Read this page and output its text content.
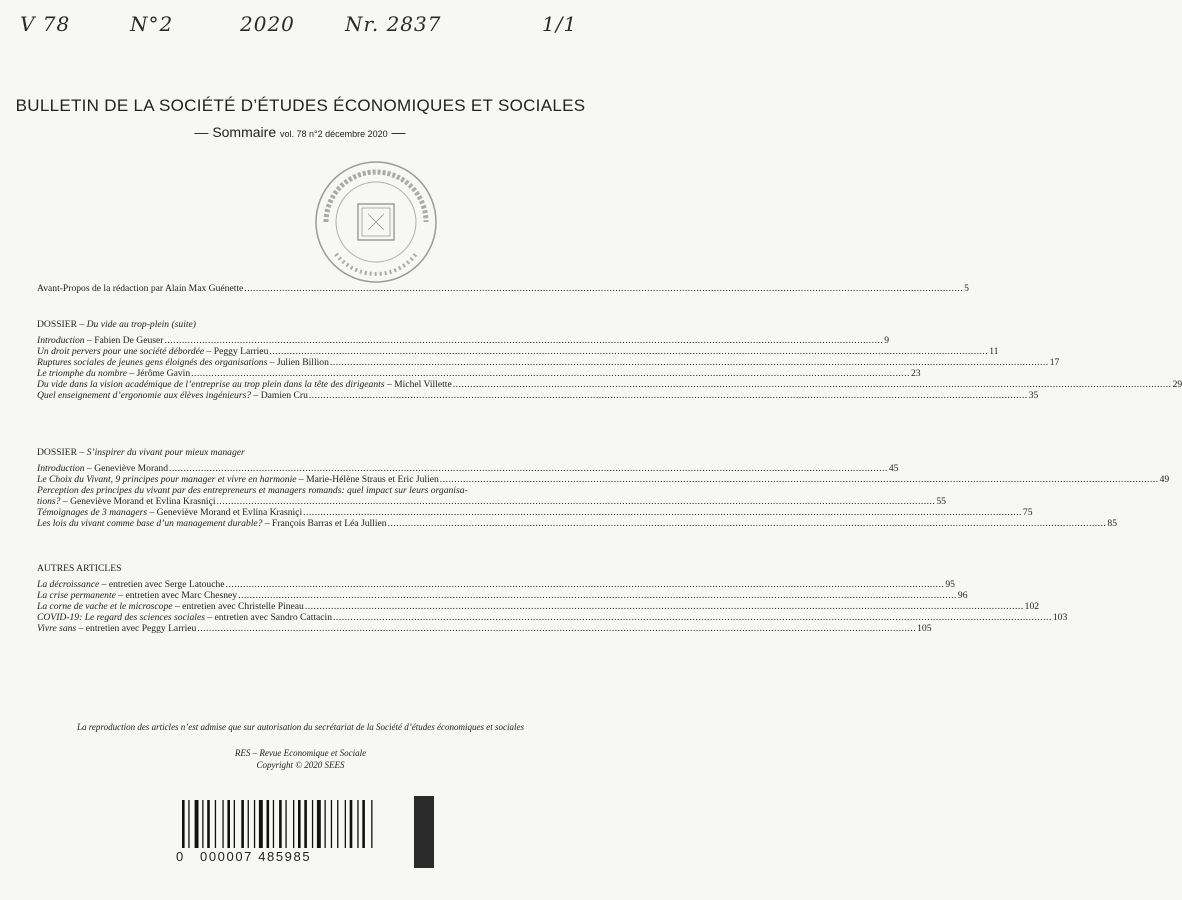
V 78	N°2	2020	Nr. 2837	1/1
BULLETIN DE LA SOCIÉTÉ D’ÉTUDES ÉCONOMIQUES ET SOCIALES
— Sommaire vol. 78 n°2 décembre 2020 —
Avant-Propos de la rédaction par Alain Max Guénette .....	5
DOSSIER – Du vide au trop-plein (suite)
Introduction – Fabien De Geuser .....	9
Un droit pervers pour une société débordée – Peggy Larrieu .....	11
Ruptures sociales de jeunes gens éloignés des organisations – Julien Billion .....	17
Le triomphe du nombre – Jérôme Gavin .....	23
Du vide dans la vision académique de l’entreprise au trop plein dans la tête des dirigeants – Michel Villette .....	29
Quel enseignement d’ergonomie aux élèves ingénieurs? – Damien Cru .....	35
DOSSIER – S’inspirer du vivant pour mieux manager
Introduction – Geneviève Morand .....	45
Le Choix du Vivant, 9 principes pour manager et vivre en harmonie – Marie-Hélène Straus et Eric Julien .....	49
Perception des principes du vivant par des entrepreneurs et managers romands: quel impact sur leurs organisa-
tions? – Geneviève Morand et Evlina Krasniçi .....	55
Témoignages de 3 managers – Geneviève Morand et Evlina Krasniçi .....	75
Les lois du vivant comme base d’un management durable? – François Barras et Léa Jullien .....	85
AUTRES ARTICLES
La décroissance – entretien avec Serge Latouche .....	95
La crise permanente – entretien avec Marc Chesney .....	96
La corne de vache et le microscope – entretien avec Christelle Pineau .....	102
COVID-19: Le regard des sciences sociales – entretien avec Sandro Cattacin .....	103
Vivre sans – entretien avec Peggy Larrieu .....	105
La reproduction des articles n’est admise que sur autorisation du secrétariat de la Société d’études économiques et sociales
RES – Revue Economique et Sociale
Copyright © 2020 SEES
0 000007 485985
